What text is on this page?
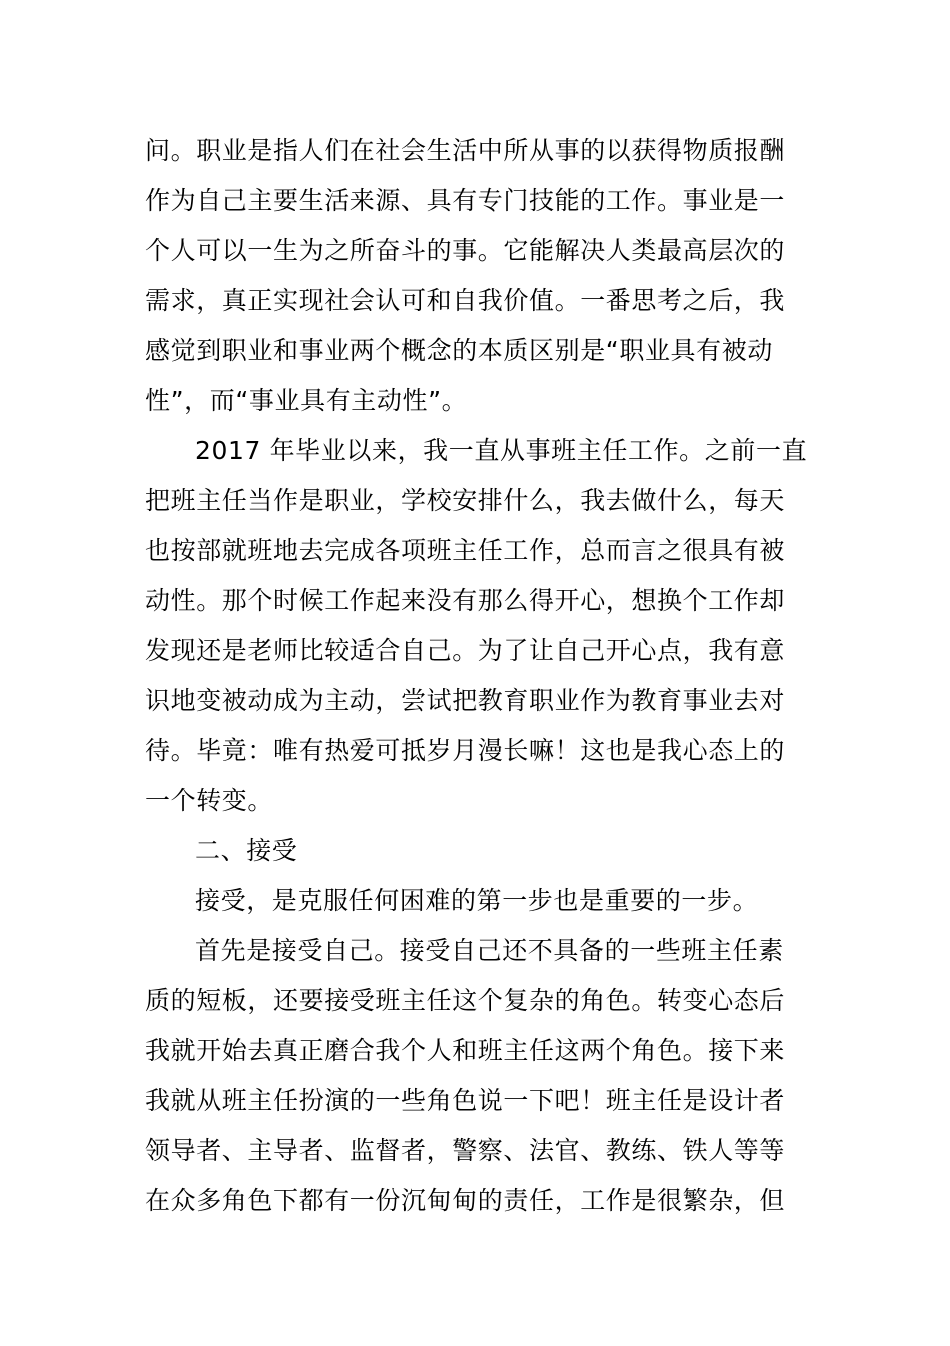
问。职业是指人们在社会生活中所从事的以获得物质报酬
作为自己主要生活来源、具有专门技能的工作。事业是一
个人可以一生为之所奋斗的事。它能解决人类最高层次的
需求，真正实现社会认可和自我价值。一番思考之后，我
感觉到职业和事业两个概念的本质区别是“职业具有被动
性”，而“事业具有主动性”。
2017 年毕业以来，我一直从事班主任工作。之前一直
把班主任当作是职业，学校安排什么，我去做什么，每天
也按部就班地去完成各项班主任工作，总而言之很具有被
动性。那个时候工作起来没有那么得开心，想换个工作却
发现还是老师比较适合自己。为了让自己开心点，我有意
识地变被动成为主动，尝试把教育职业作为教育事业去对
待。毕竟：唯有热爱可抵岁月漫长嘛！这也是我心态上的
一个转变。
二、接受
接受，是克服任何困难的第一步也是重要的一步。
首先是接受自己。接受自己还不具备的一些班主任素
质的短板，还要接受班主任这个复杂的角色。转变心态后
我就开始去真正磨合我个人和班主任这两个角色。接下来
我就从班主任扮演的一些角色说一下吧！班主任是设计者
领导者、主导者、监督者，警察、法官、教练、铁人等等
在众多角色下都有一份沉甸甸的责任，工作是很繁杂，但
